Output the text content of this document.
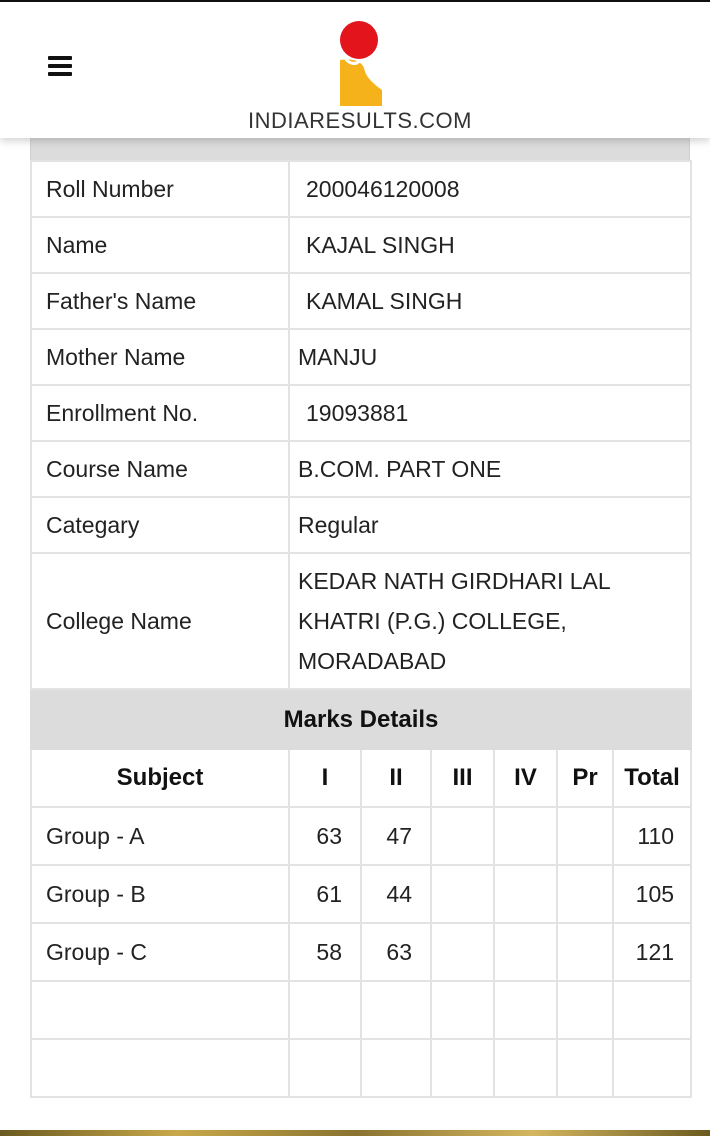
INDIARESULTS.COM
Roll Number	200046120008
Name	KAJAL SINGH
Father's Name	KAMAL SINGH
Mother Name	MANJU
Enrollment No.	19093881
Course Name	B.COM. PART ONE
Categary	Regular
College Name	KEDAR NATH GIRDHARI LAL KHATRI (P.G.) COLLEGE, MORADABAD
Marks Details						
Subject	I	II	III	IV	Pr	Total
Group - A	63	47				110
Group - B	61	44				105
Group - C	58	63				121
